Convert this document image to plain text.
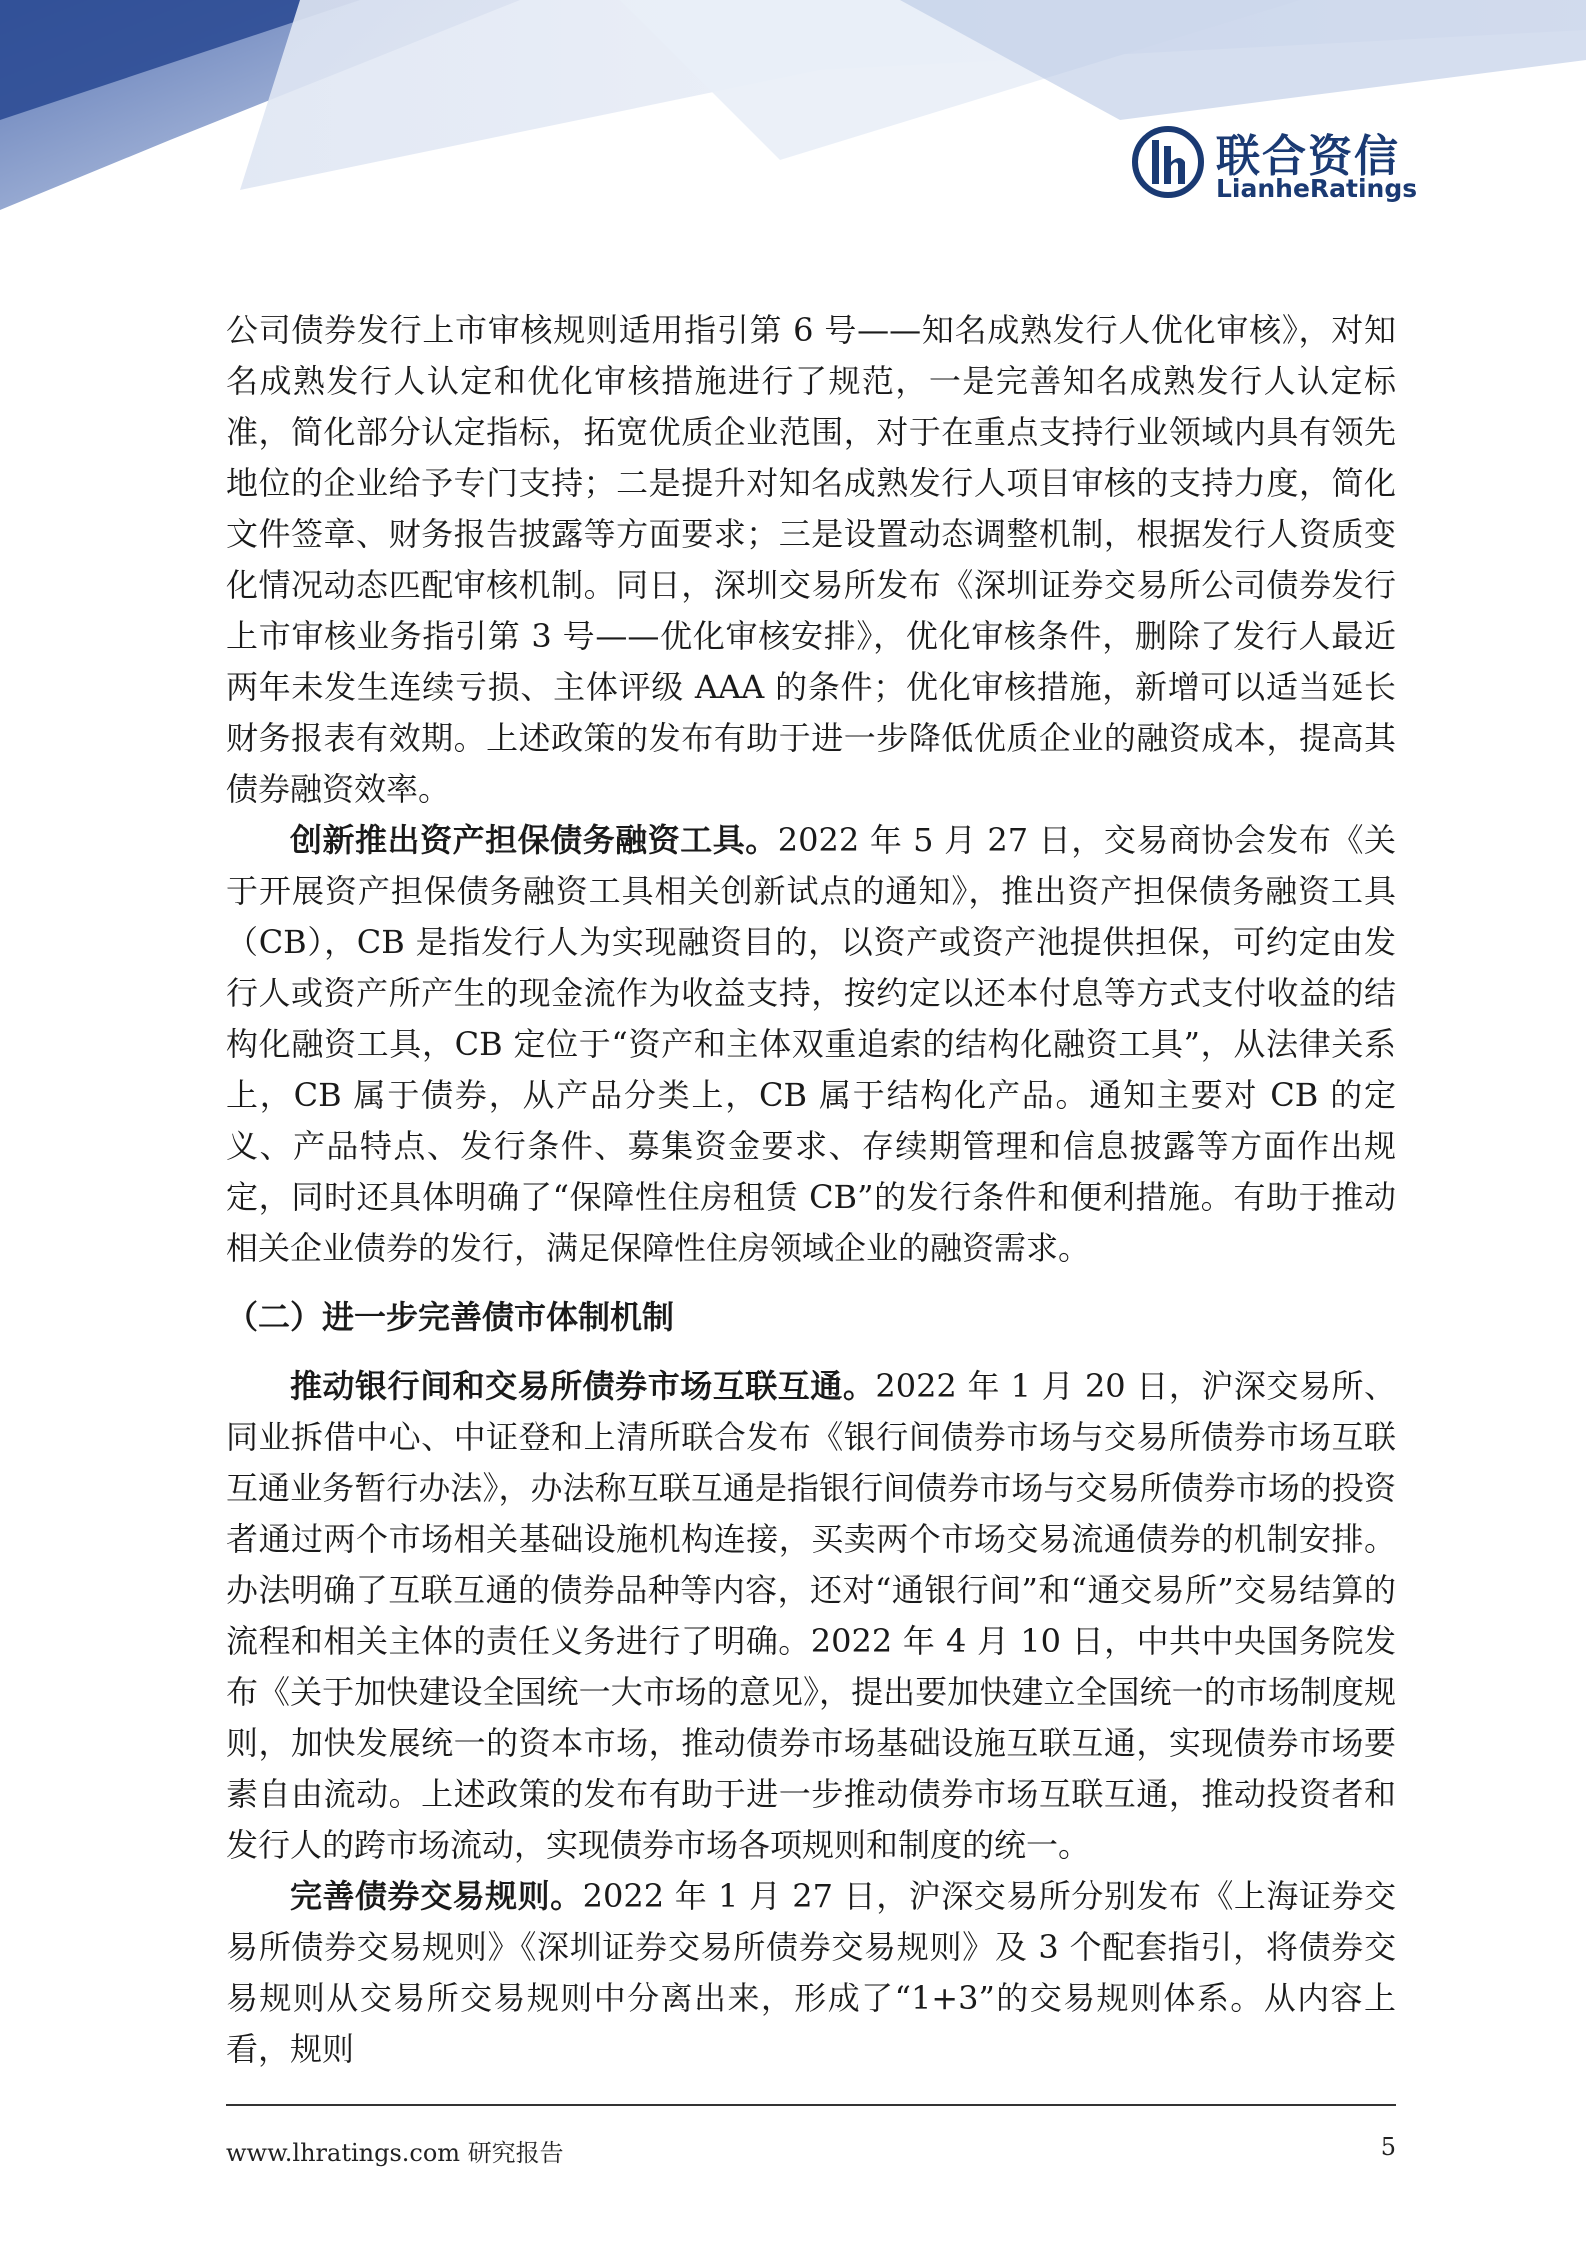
联合资信
LianheRatings

公司债券发行上市审核规则适用指引第 6 号——知名成熟发行人优化审核》，对知名成熟发行人认定和优化审核措施进行了规范，一是完善知名成熟发行人认定标准，简化部分认定指标，拓宽优质企业范围，对于在重点支持行业领域内具有领先地位的企业给予专门支持；二是提升对知名成熟发行人项目审核的支持力度，简化文件签章、财务报告披露等方面要求；三是设置动态调整机制，根据发行人资质变化情况动态匹配审核机制。同日，深圳交易所发布《深圳证券交易所公司债券发行上市审核业务指引第 3 号——优化审核安排》，优化审核条件，删除了发行人最近两年未发生连续亏损、主体评级 AAA 的条件；优化审核措施，新增可以适当延长财务报表有效期。上述政策的发布有助于进一步降低优质企业的融资成本，提高其债券融资效率。

创新推出资产担保债务融资工具。2022 年 5 月 27 日，交易商协会发布《关于开展资产担保债务融资工具相关创新试点的通知》，推出资产担保债务融资工具（CB），CB 是指发行人为实现融资目的，以资产或资产池提供担保，可约定由发行人或资产所产生的现金流作为收益支持，按约定以还本付息等方式支付收益的结构化融资工具，CB 定位于“资产和主体双重追索的结构化融资工具”，从法律关系上，CB 属于债券，从产品分类上，CB 属于结构化产品。通知主要对 CB 的定义、产品特点、发行条件、募集资金要求、存续期管理和信息披露等方面作出规定，同时还具体明确了“保障性住房租赁 CB”的发行条件和便利措施。有助于推动相关企业债券的发行，满足保障性住房领域企业的融资需求。

（二）进一步完善债市体制机制

推动银行间和交易所债券市场互联互通。2022 年 1 月 20 日，沪深交易所、同业拆借中心、中证登和上清所联合发布《银行间债券市场与交易所债券市场互联互通业务暂行办法》，办法称互联互通是指银行间债券市场与交易所债券市场的投资者通过两个市场相关基础设施机构连接，买卖两个市场交易流通债券的机制安排。办法明确了互联互通的债券品种等内容，还对“通银行间”和“通交易所”交易结算的流程和相关主体的责任义务进行了明确。2022 年 4 月 10 日，中共中央国务院发布《关于加快建设全国统一大市场的意见》，提出要加快建立全国统一的市场制度规则，加快发展统一的资本市场，推动债券市场基础设施互联互通，实现债券市场要素自由流动。上述政策的发布有助于进一步推动债券市场互联互通，推动投资者和发行人的跨市场流动，实现债券市场各项规则和制度的统一。

完善债券交易规则。2022 年 1 月 27 日，沪深交易所分别发布《上海证券交易所债券交易规则》《深圳证券交易所债券交易规则》及 3 个配套指引，将债券交易规则从交易所交易规则中分离出来，形成了“1+3”的交易规则体系。从内容上看，规则

www.lhratings.com 研究报告	5
